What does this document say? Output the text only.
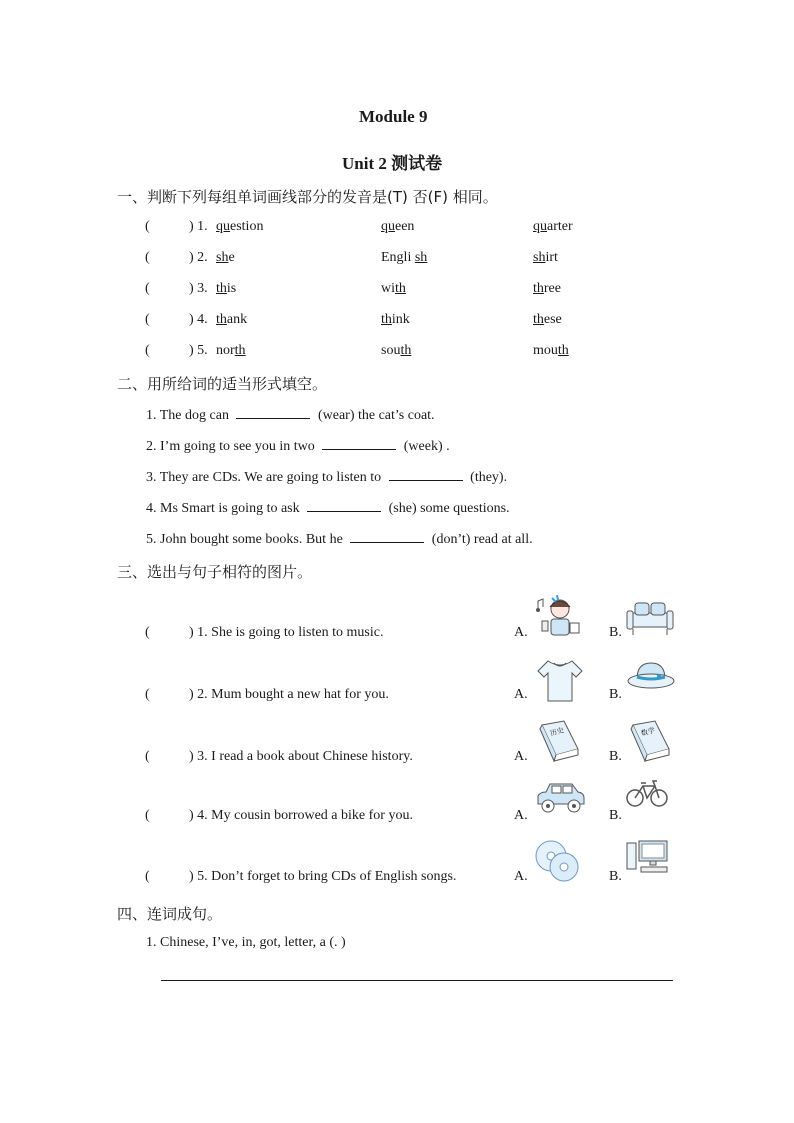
Module 9
Unit 2 测试卷
一、判断下列每组单词画线部分的发音是(T) 否(F) 相同。
(	) 1. question	queen	quarter
(	) 2. she	Engli sh	shirt
(	) 3. this	with	three
(	) 4. thank	think	these
(	) 5. north	south	mouth
二、用所给词的适当形式填空。
1. The dog can	(wear) the cat’s coat.
2. I’m going to see you in two	(week) .
3. They are CDs. We are going to listen to	(they).
4. Ms Smart is going to ask	(she) some questions.
5. John bought some books. But he	(don’t) read at all.
三、选出与句子相符的图片。
(	) 1. She is going to listen to music.	A.	B.
(	) 2. Mum bought a new hat for you.	A.	B.
(	) 3. I read a book about Chinese history.	A.	B.
历史	数学
(	) 4. My cousin borrowed a bike for you.	A.	B.
(	) 5. Don’t forget to bring CDs of English songs.	A.	B.
四、连词成句。
1. Chinese, I’ve, in, got, letter, a (. )
